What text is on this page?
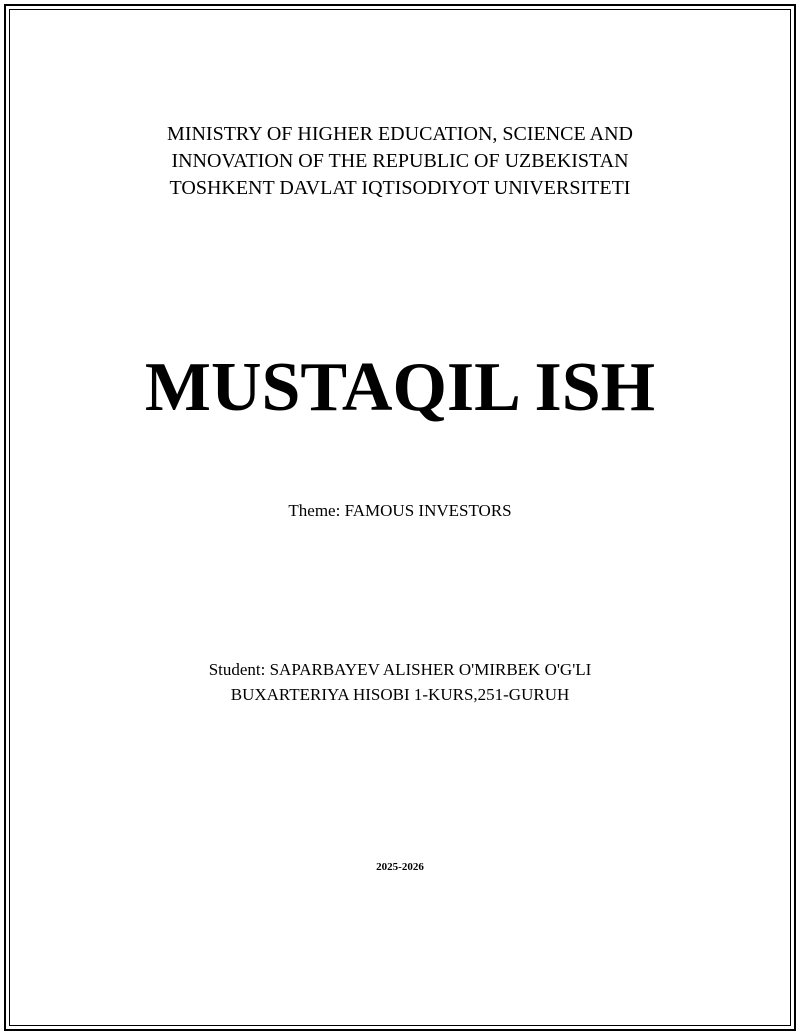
MINISTRY OF HIGHER EDUCATION, SCIENCE AND
INNOVATION OF THE REPUBLIC OF UZBEKISTAN
TOSHKENT DAVLAT IQTISODIYOT UNIVERSITETI
MUSTAQIL ISH
Theme: FAMOUS INVESTORS
Student: SAPARBAYEV ALISHER O'MIRBEK O'G'LI
BUXARTERIYA HISOBI 1-KURS,251-GURUH
2025-2026
